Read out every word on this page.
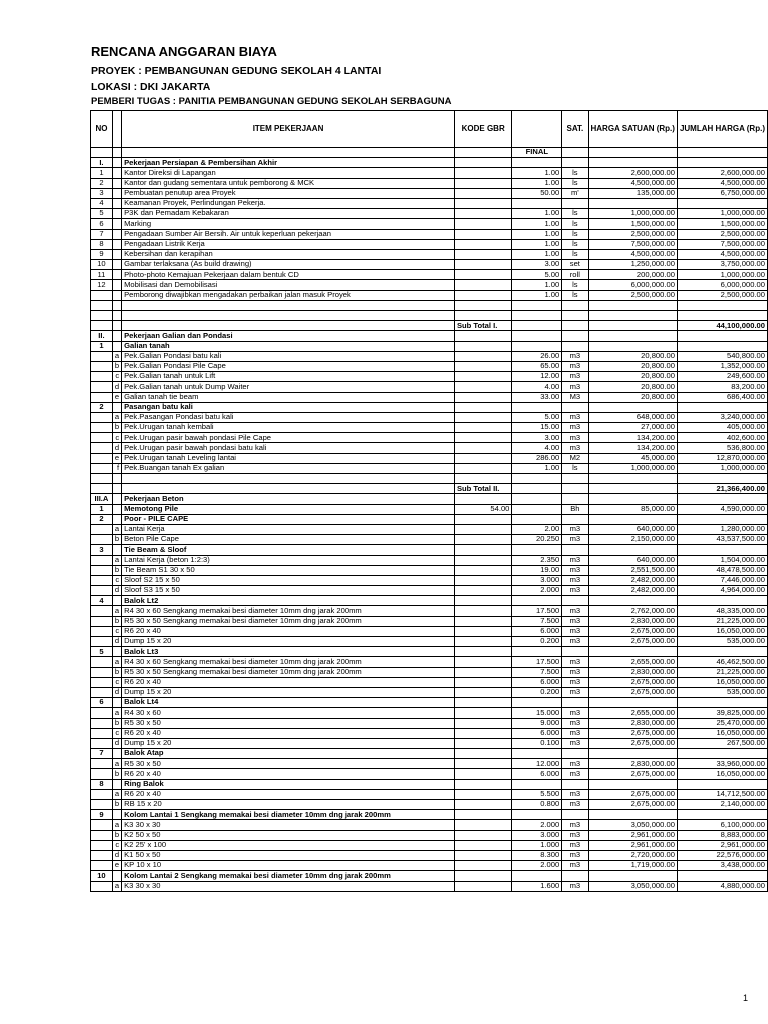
RENCANA ANGGARAN BIAYA
PROYEK : PEMBANGUNAN GEDUNG SEKOLAH 4 LANTAI
LOKASI : DKI JAKARTA
PEMBERI TUGAS : PANITIA PEMBANGUNAN GEDUNG SEKOLAH SERBAGUNA
NO		ITEM PEKERJAAN	KODE GBR		SAT.	HARGA SATUAN (Rp.)	JUMLAH HARGA (Rp.)
				FINAL			
I.		Pekerjaan Persiapan & Pembersihan Akhir					
1		Kantor Direksi di Lapangan		1.00	ls	2,600,000.00	2,600,000.00
2		Kantor dan gudang sementara untuk pemborong & MCK		1.00	ls	4,500,000.00	4,500,000.00
3		Pembuatan penutup area Proyek		50.00	m'	135,000.00	6,750,000.00
4		Keamanan Proyek, Perlindungan Pekerja.					
5		P3K dan Pemadam Kebakaran		1.00	ls	1,000,000.00	1,000,000.00
6		Marking		1.00	ls	1,500,000.00	1,500,000.00
7		Pengadaan Sumber Air Bersih. Air untuk keperluan pekerjaan		1.00	ls	2,500,000.00	2,500,000.00
8		Pengadaan Listrik Kerja		1.00	ls	7,500,000.00	7,500,000.00
9		Kebersihan dan kerapihan		1.00	ls	4,500,000.00	4,500,000.00
10		Gambar terlaksana (As build drawing)		3.00	set	1,250,000.00	3,750,000.00
11		Photo-photo Kemajuan Pekerjaan dalam bentuk CD		5.00	roll	200,000.00	1,000,000.00
12		Mobilisasi dan Demobilisasi		1.00	ls	6,000,000.00	6,000,000.00
		Pemborong diwajibkan mengadakan perbaikan jalan masuk Proyek		1.00	ls	2,500,000.00	2,500,000.00

			Sub Total I.				44,100,000.00
II.		Pekerjaan Galian dan Pondasi					
1		Galian tanah					
	a	Pek.Galian Pondasi batu kali		26.00	m3	20,800.00	540,800.00
	b	Pek.Galian Pondasi Pile Cape		65.00	m3	20,800.00	1,352,000.00
	c	Pek.Galian tanah untuk Lift		12.00	m3	20,800.00	249,600.00
	d	Pek.Galian tanah untuk Dump Waiter		4.00	m3	20,800.00	83,200.00
	e	Galian tanah tie beam		33.00	M3	20,800.00	686,400.00
2		Pasangan batu kali					
	a	Pek.Pasangan Pondasi batu kali		5.00	m3	648,000.00	3,240,000.00
	b	Pek.Urugan tanah kembali		15.00	m3	27,000.00	405,000.00
	c	Pek.Urugan pasir bawah pondasi Pile Cape		3.00	m3	134,200.00	402,600.00
	d	Pek.Urugan pasir bawah pondasi batu kali		4.00	m3	134,200.00	536,800.00
	e	Pek.Urugan tanah Leveling lantai		286.00	M2	45,000.00	12,870,000.00
	f	Pek.Buangan tanah Ex galian		1.00	ls	1,000,000.00	1,000,000.00

			Sub Total II.				21,366,400.00
III.A		Pekerjaan Beton					
1		Memotong Pile	54.00		Bh	85,000.00	4,590,000.00
2		Poor - PILE CAPE					
	a	Lantai Kerja		2.00	m3	640,000.00	1,280,000.00
	b	Beton Pile Cape		20.250	m3	2,150,000.00	43,537,500.00
3		Tie Beam & Sloof					
	a	Lantai Kerja (beton 1:2:3)		2.350	m3	640,000.00	1,504,000.00
	b	Tie Beam S1 30 x 50		19.00	m3	2,551,500.00	48,478,500.00
	c	Sloof S2 15 x 50		3.000	m3	2,482,000.00	7,446,000.00
	d	Sloof S3 15 x 50		2.000	m3	2,482,000.00	4,964,000.00
4		Balok Lt2					
	a	R4 30 x 60 Sengkang memakai besi diameter 10mm dng jarak 200mm		17.500	m3	2,762,000.00	48,335,000.00
	b	R5 30 x 50 Sengkang memakai besi diameter 10mm dng jarak 200mm		7.500	m3	2,830,000.00	21,225,000.00
	c	R6 20 x 40		6.000	m3	2,675,000.00	16,050,000.00
	d	Dump 15 x 20		0.200	m3	2,675,000.00	535,000.00
5		Balok Lt3					
	a	R4 30 x 60 Sengkang memakai besi diameter 10mm dng jarak 200mm		17.500	m3	2,655,000.00	46,462,500.00
	b	R5 30 x 50 Sengkang memakai besi diameter 10mm dng jarak 200mm		7.500	m3	2,830,000.00	21,225,000.00
	c	R6 20 x 40		6.000	m3	2,675,000.00	16,050,000.00
	d	Dump 15 x 20		0.200	m3	2,675,000.00	535,000.00
6		Balok Lt4					
	a	R4 30 x 60		15.000	m3	2,655,000.00	39,825,000.00
	b	R5 30 x 50		9.000	m3	2,830,000.00	25,470,000.00
	c	R6 20 x 40		6.000	m3	2,675,000.00	16,050,000.00
	d	Dump 15 x 20		0.100	m3	2,675,000.00	267,500.00
7		Balok Atap					
	a	R5 30 x 50		12.000	m3	2,830,000.00	33,960,000.00
	b	R6 20 x 40		6.000	m3	2,675,000.00	16,050,000.00
8		Ring Balok					
	a	R6 20 x 40		5.500	m3	2,675,000.00	14,712,500.00
	b	RB 15 x 20		0.800	m3	2,675,000.00	2,140,000.00
9		Kolom Lantai 1 Sengkang memakai besi diameter 10mm dng jarak 200mm					
	a	K3 30 x 30		2.000	m3	3,050,000.00	6,100,000.00
	b	K2 50 x 50		3.000	m3	2,961,000.00	8,883,000.00
	c	K2 25' x 100		1.000	m3	2,961,000.00	2,961,000.00
	d	K1 50 x 50		8.300	m3	2,720,000.00	22,576,000.00
	e	KP 10 x 10		2.000	m3	1,719,000.00	3,438,000.00
10		Kolom Lantai 2 Sengkang memakai besi diameter 10mm dng jarak 200mm					
	a	K3 30 x 30		1.600	m3	3,050,000.00	4,880,000.00
1
